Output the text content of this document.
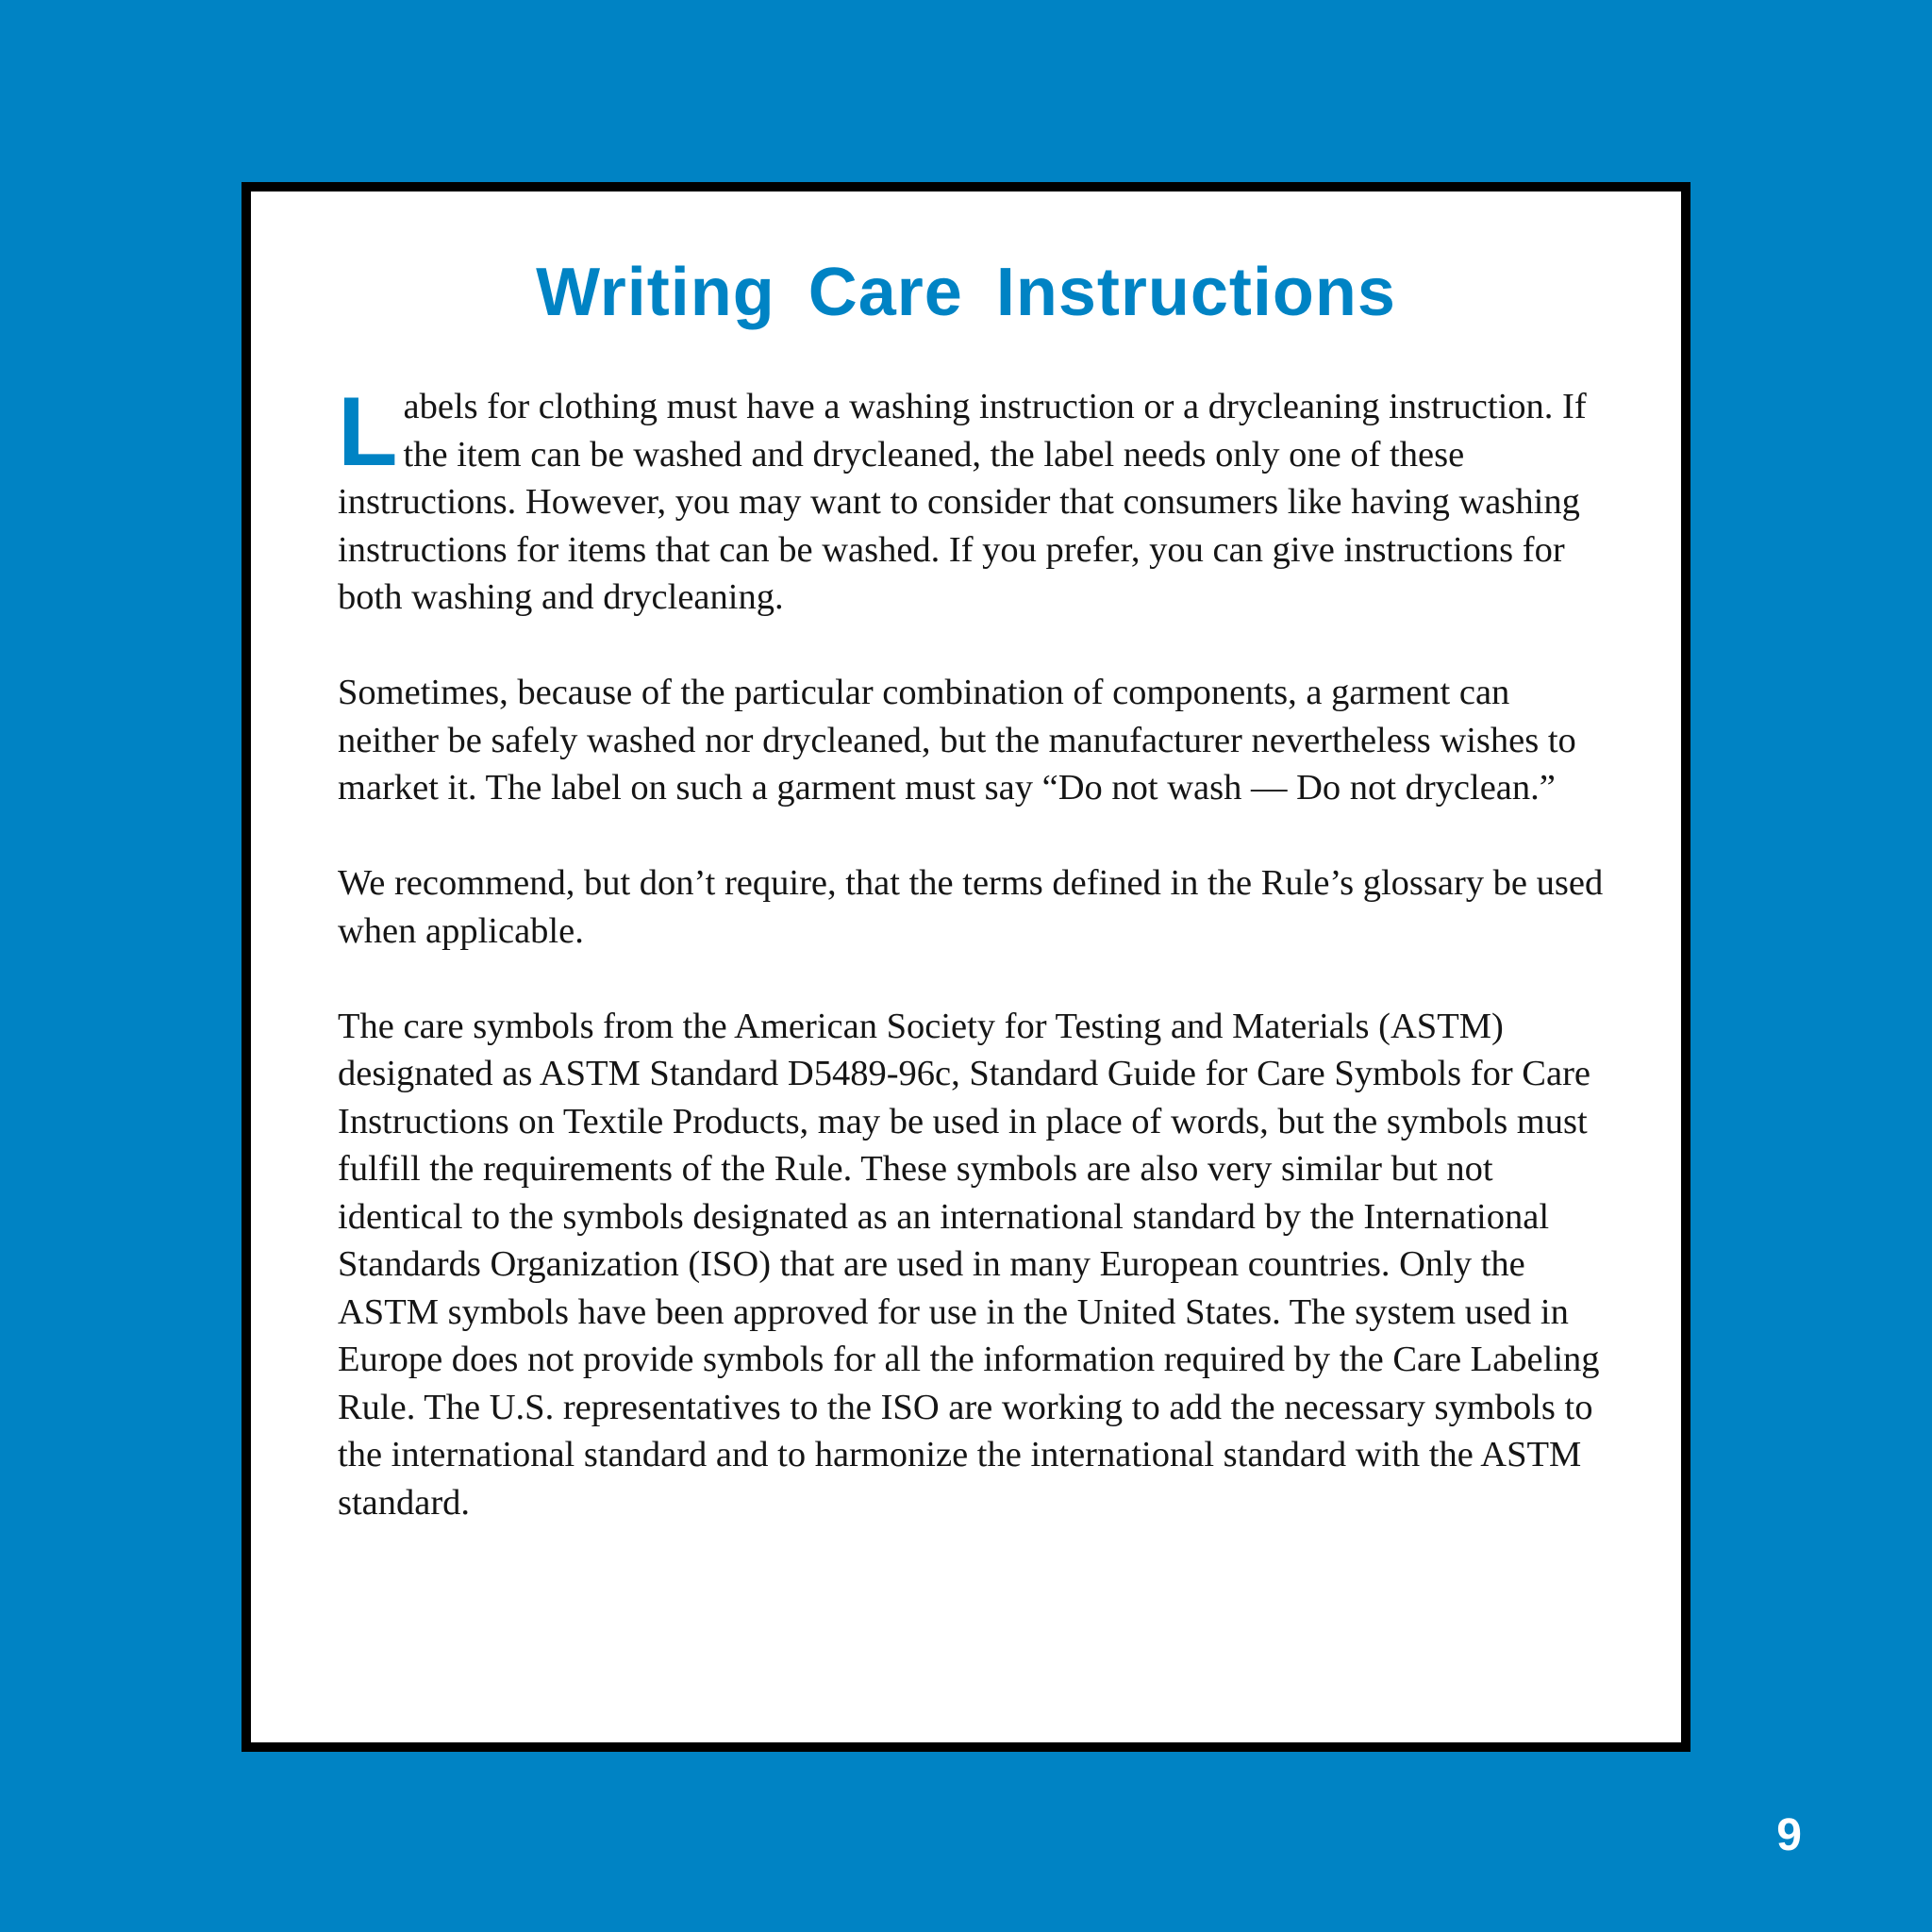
Writing Care Instructions

Labels for clothing must have a washing instruction or a drycleaning instruction. If the item can be washed and drycleaned, the label needs only one of these instructions. However, you may want to consider that consumers like having washing instructions for items that can be washed. If you prefer, you can give instructions for both washing and drycleaning.

Sometimes, because of the particular combination of components, a garment can neither be safely washed nor drycleaned, but the manufacturer nevertheless wishes to market it. The label on such a garment must say “Do not wash — Do not dryclean.”

We recommend, but don’t require, that the terms defined in the Rule’s glossary be used when applicable.

The care symbols from the American Society for Testing and Materials (ASTM) designated as ASTM Standard D5489-96c, Standard Guide for Care Symbols for Care Instructions on Textile Products, may be used in place of words, but the symbols must fulfill the requirements of the Rule. These symbols are also very similar but not identical to the symbols designated as an international standard by the International Standards Organization (ISO) that are used in many European countries. Only the ASTM symbols have been approved for use in the United States. The system used in Europe does not provide symbols for all the information required by the Care Labeling Rule. The U.S. representatives to the ISO are working to add the necessary symbols to the international standard and to harmonize the international standard with the ASTM standard.

9
